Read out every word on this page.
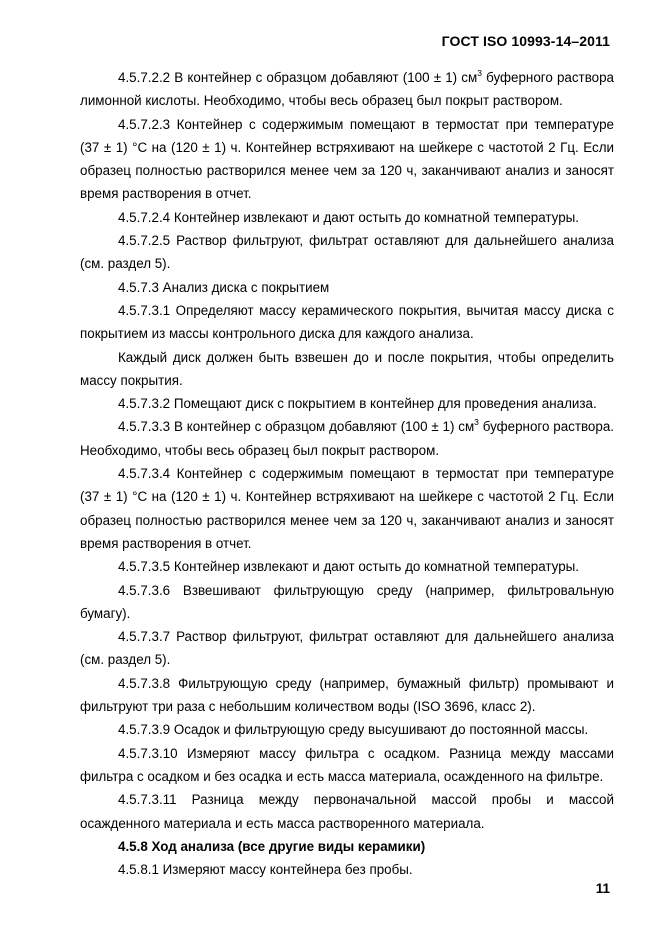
ГОСТ ISO 10993-14–2011

4.5.7.2.2 В контейнер с образцом добавляют (100 ± 1) $см^3$ буферного раствора лимонной кислоты. Необходимо, чтобы весь образец был покрыт раствором.

4.5.7.2.3 Контейнер с содержимым помещают в термостат при температуре (37 ± 1) °С на (120 ± 1) ч. Контейнер встряхивают на шейкере с частотой 2 Гц. Если образец полностью растворился менее чем за 120 ч, заканчивают анализ и заносят время растворения в отчет.

4.5.7.2.4 Контейнер извлекают и дают остыть до комнатной температуры.

4.5.7.2.5 Раствор фильтруют, фильтрат оставляют для дальнейшего анализа (см. раздел 5).

4.5.7.3 Анализ диска с покрытием

4.5.7.3.1 Определяют массу керамического покрытия, вычитая массу диска с покрытием из массы контрольного диска для каждого анализа.

Каждый диск должен быть взвешен до и после покрытия, чтобы определить массу покрытия.

4.5.7.3.2 Помещают диск с покрытием в контейнер для проведения анализа.

4.5.7.3.3 В контейнер с образцом добавляют (100 ± 1) $см^3$ буферного раствора. Необходимо, чтобы весь образец был покрыт раствором.

4.5.7.3.4 Контейнер с содержимым помещают в термостат при температуре (37 ± 1) °С на (120 ± 1) ч. Контейнер встряхивают на шейкере с частотой 2 Гц. Если образец полностью растворился менее чем за 120 ч, заканчивают анализ и заносят время растворения в отчет.

4.5.7.3.5 Контейнер извлекают и дают остыть до комнатной температуры.

4.5.7.3.6 Взвешивают фильтрующую среду (например, фильтровальную бумагу).

4.5.7.3.7 Раствор фильтруют, фильтрат оставляют для дальнейшего анализа (см. раздел 5).

4.5.7.3.8 Фильтрующую среду (например, бумажный фильтр) промывают и фильтруют три раза с небольшим количеством воды (ISO 3696, класс 2).

4.5.7.3.9 Осадок и фильтрующую среду высушивают до постоянной массы.

4.5.7.3.10 Измеряют массу фильтра с осадком. Разница между массами фильтра с осадком и без осадка и есть масса материала, осажденного на фильтре.

4.5.7.3.11 Разница между первоначальной массой пробы и массой осажденного материала и есть масса растворенного материала.

4.5.8 Ход анализа (все другие виды керамики)

4.5.8.1 Измеряют массу контейнера без пробы.

11
